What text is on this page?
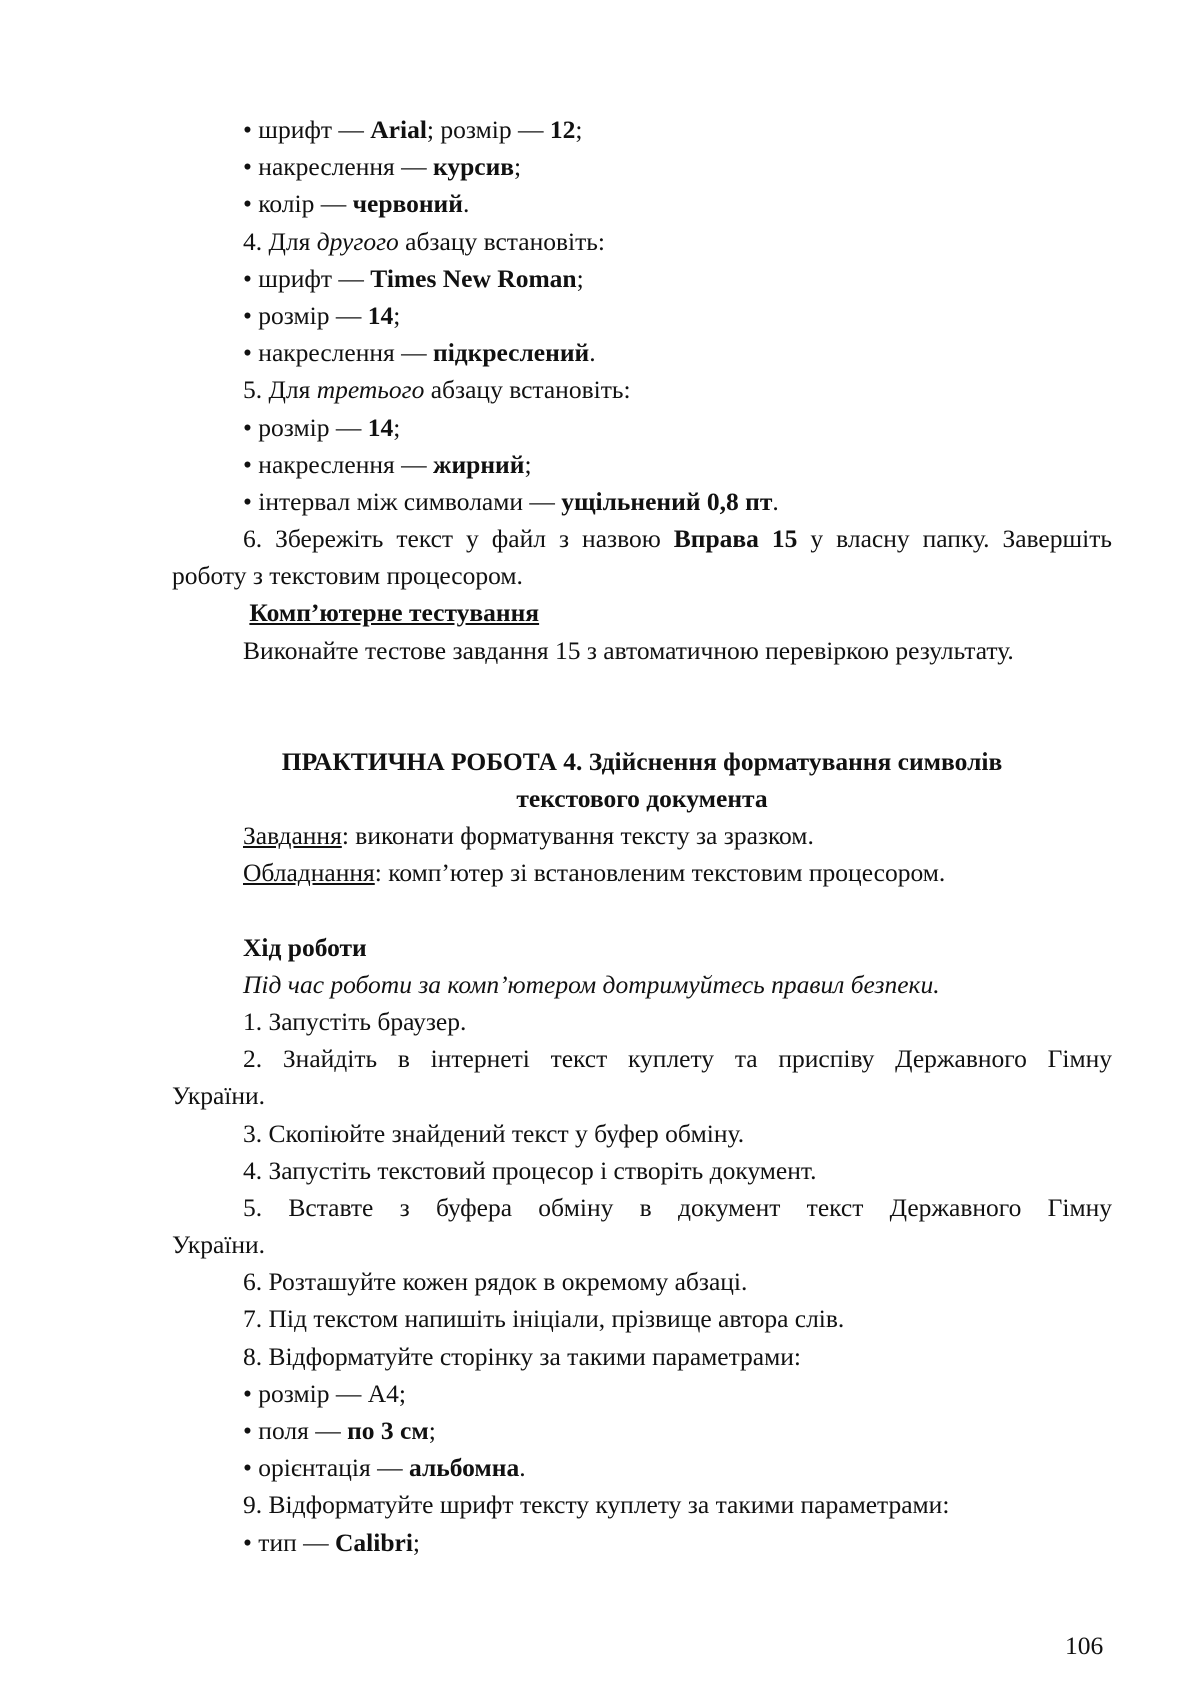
• шрифт — Arial; розмір — 12;
• накреслення — курсив;
• колір — червоний.
4. Для другого абзацу встановіть:
• шрифт — Times New Roman;
• розмір — 14;
• накреслення — підкреслений.
5. Для третього абзацу встановіть:
• розмір — 14;
• накреслення — жирний;
• інтервал між символами — ущільнений 0,8 пт.
6. Збережіть текст у файл з назвою Вправа 15 у власну папку. Завершіть
роботу з текстовим процесором.
Комп’ютерне тестування
Виконайте тестове завдання 15 з автоматичною перевіркою результату.
ПРАКТИЧНА РОБОТА 4. Здійснення форматування символів
текстового документа
Завдання: виконати форматування тексту за зразком.
Обладнання: комп’ютер зі встановленим текстовим процесором.
Хід роботи
Під час роботи за комп’ютером дотримуйтесь правил безпеки.
1. Запустіть браузер.
2. Знайдіть в інтернеті текст куплету та приспіву Державного Гімну
України.
3. Скопіюйте знайдений текст у буфер обміну.
4. Запустіть текстовий процесор і створіть документ.
5. Вставте з буфера обміну в документ текст Державного Гімну
України.
6. Розташуйте кожен рядок в окремому абзаці.
7. Під текстом напишіть ініціали, прізвище автора слів.
8. Відформатуйте сторінку за такими параметрами:
• розмір — А4;
• поля — по 3 см;
• орієнтація — альбомна.
9. Відформатуйте шрифт тексту куплету за такими параметрами:
• тип — Calibri;
106
